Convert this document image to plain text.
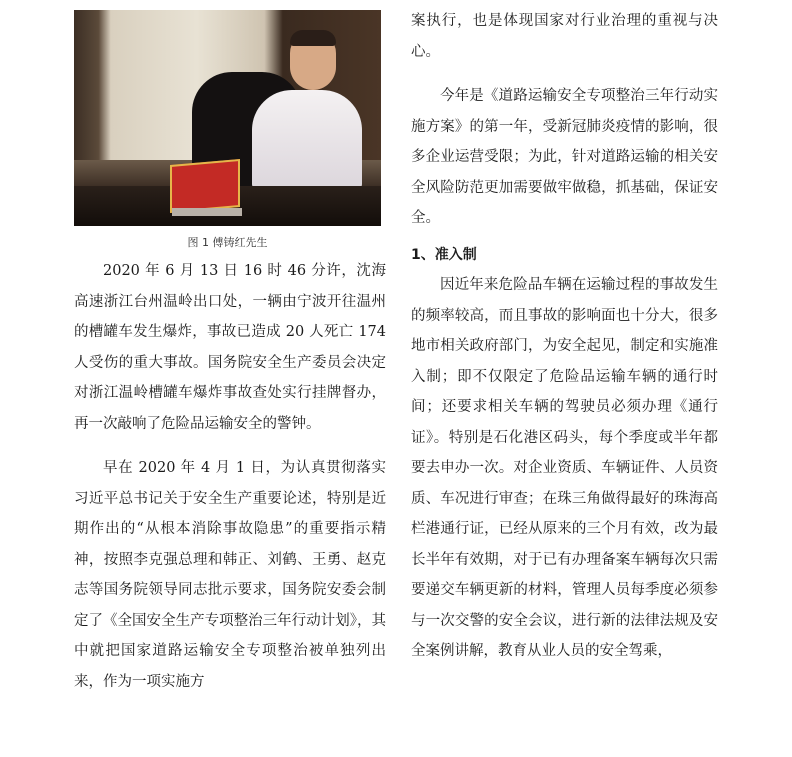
图 1 傅铸红先生

2020 年 6 月 13 日 16 时 46 分许，沈海高速浙江台州温岭出口处，一辆由宁波开往温州的槽罐车发生爆炸，事故已造成 20 人死亡 174 人受伤的重大事故。国务院安全生产委员会决定对浙江温岭槽罐车爆炸事故查处实行挂牌督办，再一次敲响了危险品运输安全的警钟。

早在 2020 年 4 月 1 日，为认真贯彻落实习近平总书记关于安全生产重要论述，特别是近期作出的“从根本消除事故隐患”的重要指示精神，按照李克强总理和韩正、刘鹤、王勇、赵克志等国务院领导同志批示要求，国务院安委会制定了《全国安全生产专项整治三年行动计划》，其中就把国家道路运输安全专项整治被单独列出来，作为一项实施方

案执行，也是体现国家对行业治理的重视与决心。

今年是《道路运输安全专项整治三年行动实施方案》的第一年，受新冠肺炎疫情的影响，很多企业运营受限；为此，针对道路运输的相关安全风险防范更加需要做牢做稳，抓基础，保证安全。

1、准入制

因近年来危险品车辆在运输过程的事故发生的频率较高，而且事故的影响面也十分大，很多地市相关政府部门，为安全起见，制定和实施准入制；即不仅限定了危险品运输车辆的通行时间；还要求相关车辆的驾驶员必须办理《通行证》。特别是石化港区码头，每个季度或半年都要去申办一次。对企业资质、车辆证件、人员资质、车况进行审查；在珠三角做得最好的珠海高栏港通行证，已经从原来的三个月有效，改为最长半年有效期，对于已有办理备案车辆每次只需要递交车辆更新的材料，管理人员每季度必须参与一次交警的安全会议，进行新的法律法规及安全案例讲解，教育从业人员的安全驾乘，
